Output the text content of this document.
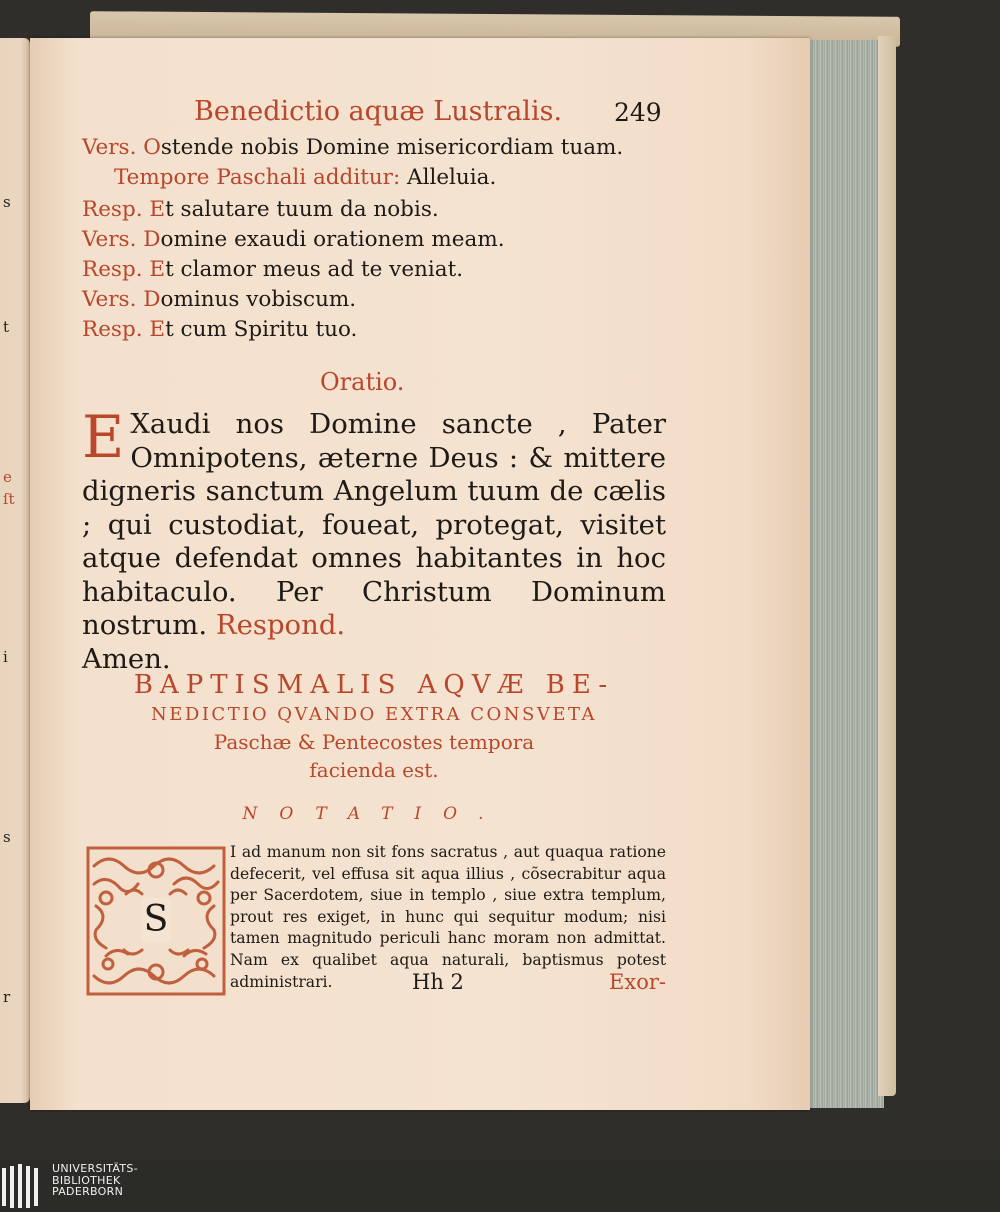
s
t
e
ſt
i
s
r
Benedictio aquæ Lustralis. 249
Vers. Ostende nobis Domine misericordiam tuam.
Tempore Paschali additur: Alleluia.
Resp. Et salutare tuum da nobis.
Vers. Domine exaudi orationem meam.
Resp. Et clamor meus ad te veniat.
Vers. Dominus vobiscum.
Resp. Et cum Spiritu tuo.
Oratio.
E Xaudi nos Domine sancte , Pater Omnipotens, æterne Deus : & mittere digneris sanctum Angelum tuum de cælis ; qui custodiat, foueat, protegat, visitet atque defendat omnes habitantes in hoc habitaculo. Per Christum Dominum nostrum. Respond.
Amen.

BAPTISMALIS AQVÆ BE-
NEDICTIO QVANDO EXTRA CONSVETA
Paschæ & Pentecostes tempora
facienda est.
NOTATIO.
S

I ad manum non sit fons sacratus , aut quaqua ratione defecerit, vel effusa sit aqua illius , cõsecrabitur aqua per Sacerdotem, siue in templo , siue extra templum, prout res exiget, in hunc qui sequitur modum; nisi tamen magnitudo periculi hanc moram non admittat. Nam ex qualibet aqua naturali, baptismus potest administrari.	Hh 2	Exor-
UNIVERSITÄTS-
BIBLIOTHEK
PADERBORN
